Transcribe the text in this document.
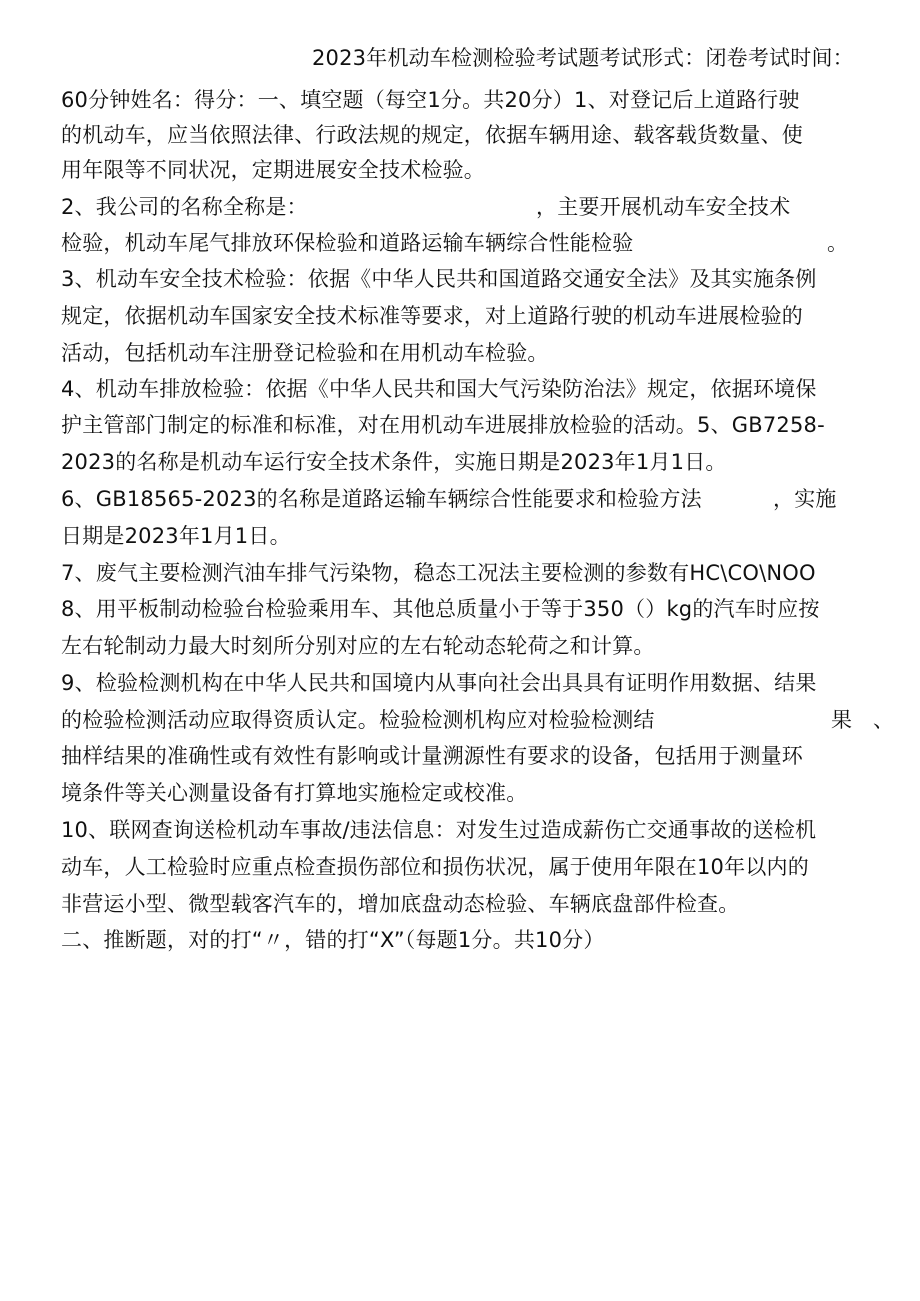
2023年机动车检测检验考试题考试形式：闭卷考试时间：
60分钟姓名：得分：一、填空题（每空1分。共20分）1、对登记后上道路行驶
的机动车，应当依照法律、行政法规的规定，依据车辆用途、载客载货数量、使
用年限等不同状况，定期进展安全技术检验。
2、我公司的名称全称是：	，主要开展机动车安全技术
检验，机动车尾气排放环保检验和道路运输车辆综合性能检验	。
3、机动车安全技术检验：依据《中华人民共和国道路交通安全法》及其实施条例
规定，依据机动车国家安全技术标准等要求，对上道路行驶的机动车进展检验的
活动，包括机动车注册登记检验和在用机动车检验。
4、机动车排放检验：依据《中华人民共和国大气污染防治法》规定，依据环境保
护主管部门制定的标准和标准，对在用机动车进展排放检验的活动。5、GB7258-
2023的名称是机动车运行安全技术条件，实施日期是2023年1月1日。
6、GB18565-2023的名称是道路运输车辆综合性能要求和检验方法	，实施
日期是2023年1月1日。
7、废气主要检测汽油车排气污染物，稳态工况法主要检测的参数有HC\CO\NOO
8、用平板制动检验台检验乘用车、其他总质量小于等于350（）kg的汽车时应按
左右轮制动力最大时刻所分别对应的左右轮动态轮荷之和计算。
9、检验检测机构在中华人民共和国境内从事向社会出具具有证明作用数据、结果
的检验检测活动应取得资质认定。检验检测机构应对检验检测结	果 、
抽样结果的准确性或有效性有影响或计量溯源性有要求的设备，包括用于测量环
境条件等关心测量设备有打算地实施检定或校准。
10、联网查询送检机动车事故/违法信息：对发生过造成薪伤亡交通事故的送检机
动车，人工检验时应重点检查损伤部位和损伤状况，属于使用年限在10年以内的
非营运小型、微型载客汽车的，增加底盘动态检验、车辆底盘部件检查。
二、推断题，对的打“〃，错的打“X”（每题1分。共10分）
